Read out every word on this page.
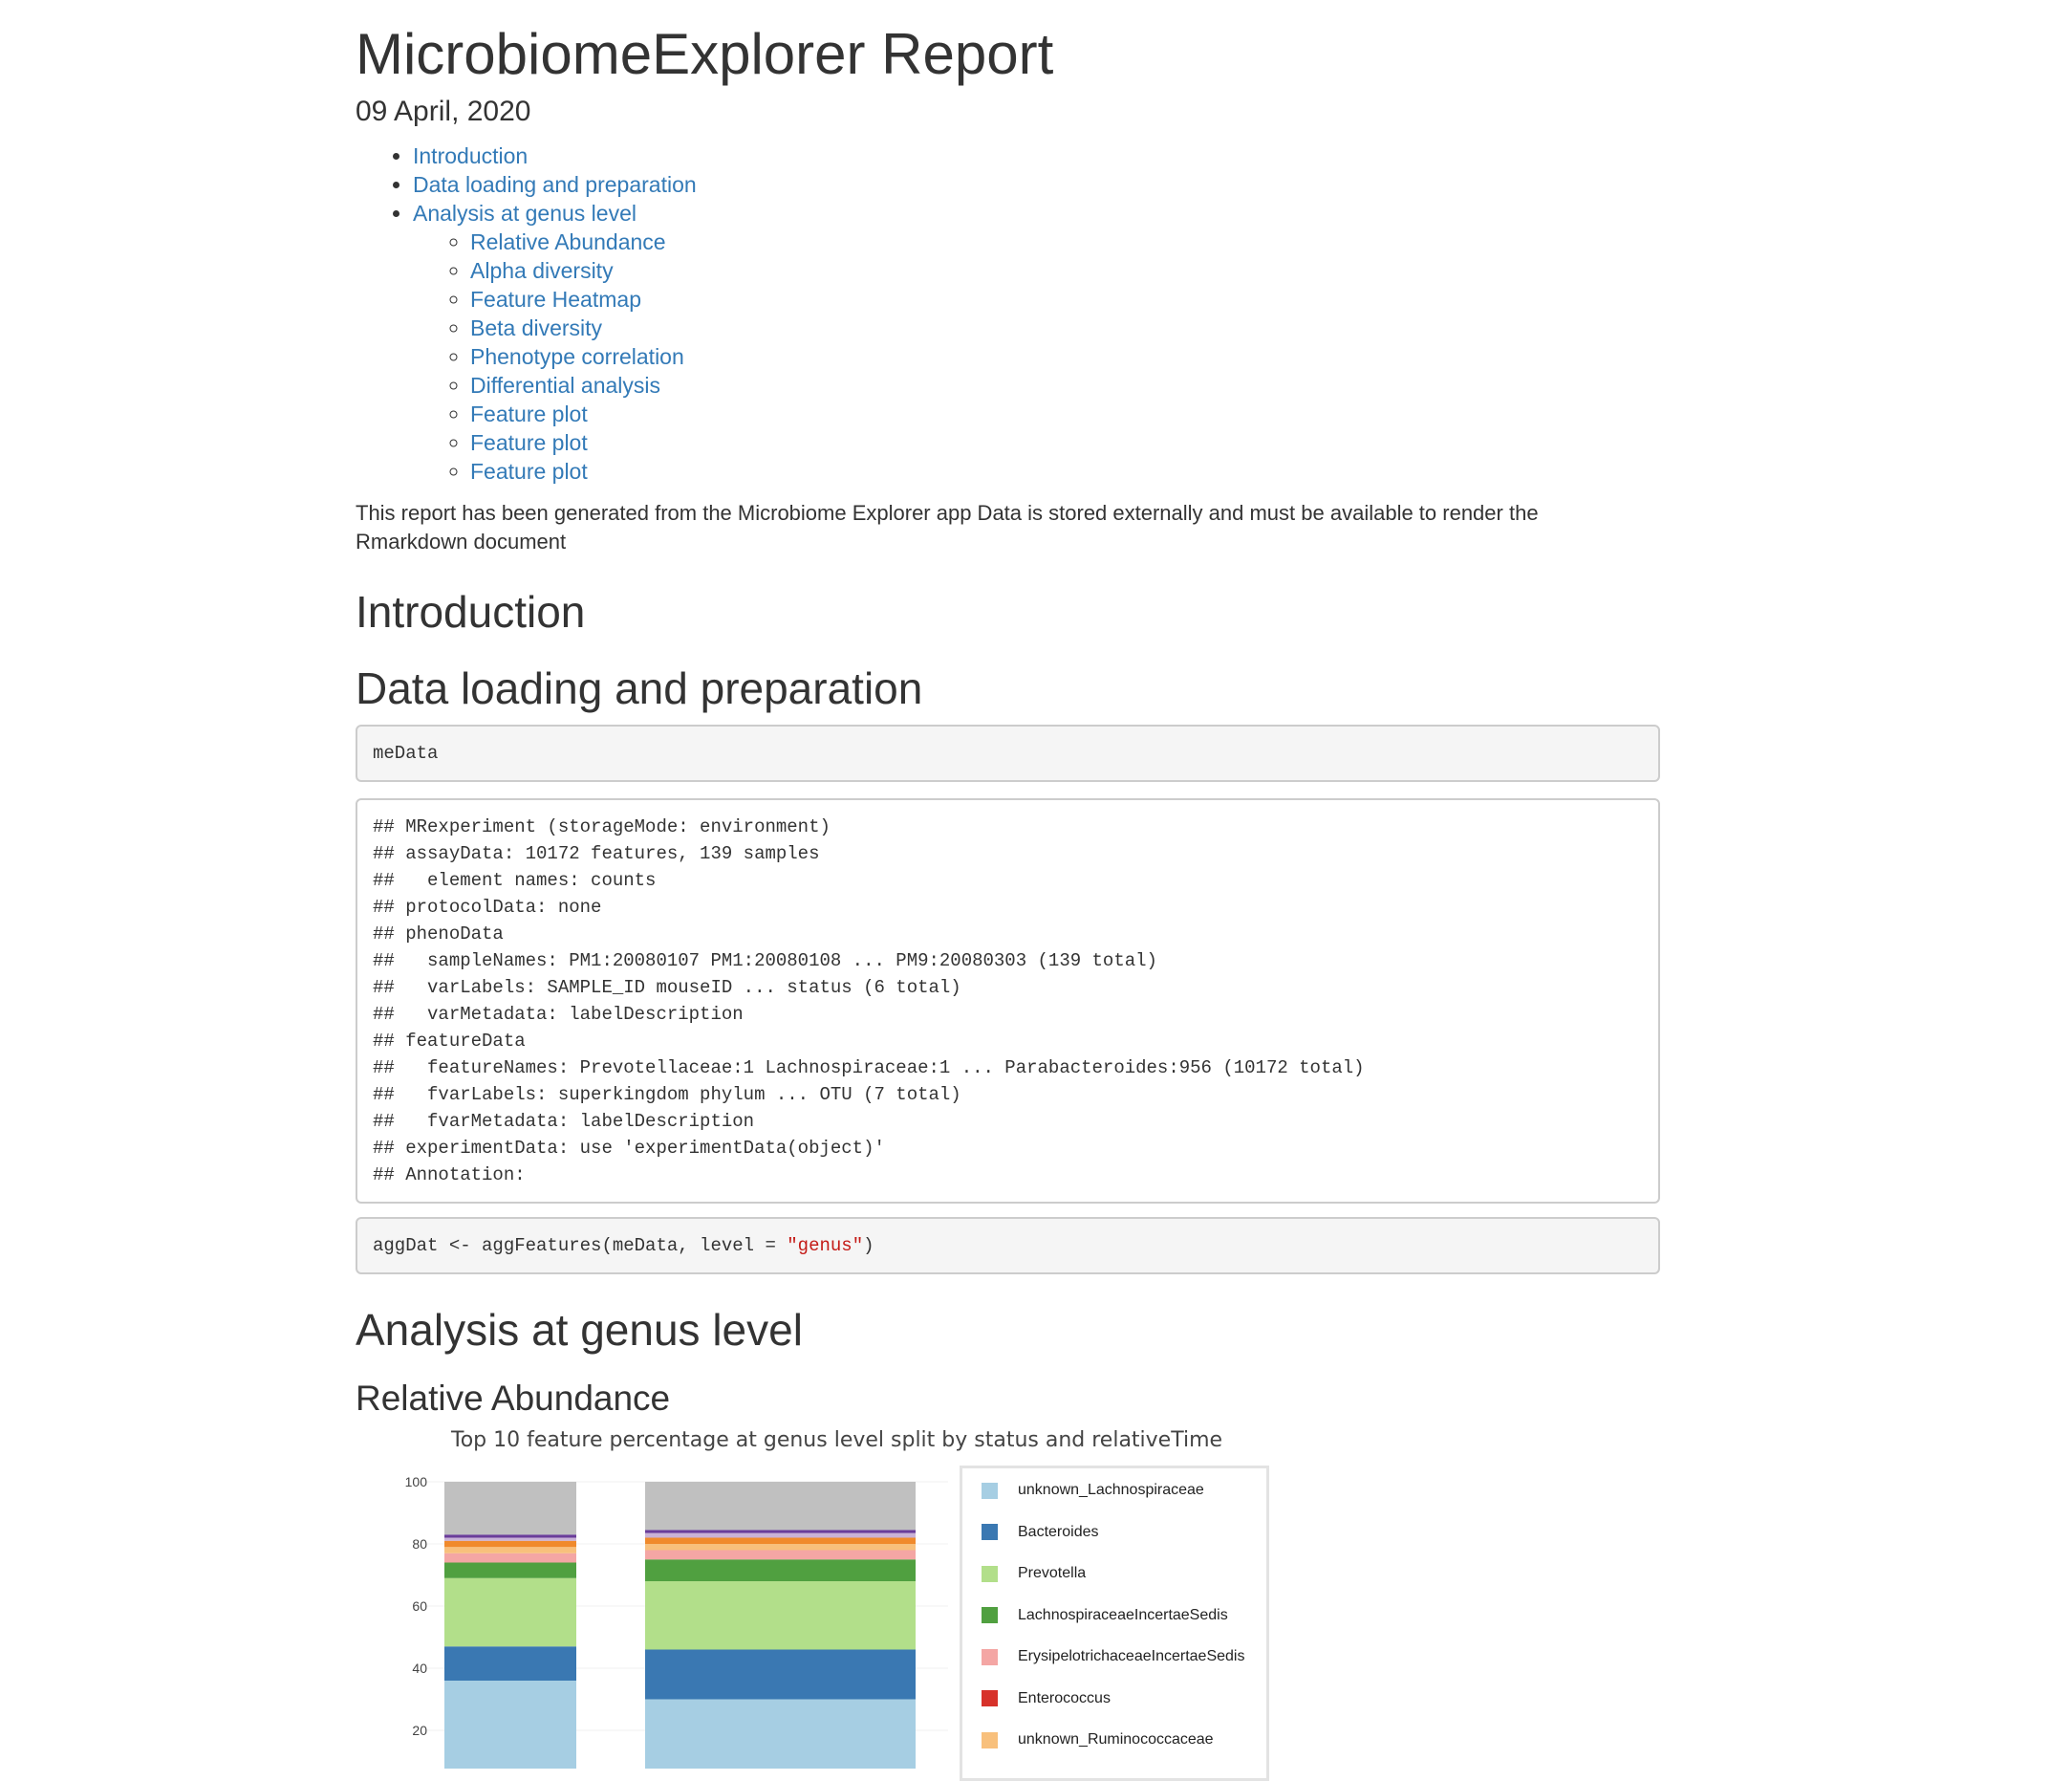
MicrobiomeExplorer Report
09 April, 2020
• Introduction
• Data loading and preparation
• Analysis at genus level
◦ Relative Abundance
◦ Alpha diversity
◦ Feature Heatmap
◦ Beta diversity
◦ Phenotype correlation
◦ Differential analysis
◦ Feature plot
◦ Feature plot
◦ Feature plot

This report has been generated from the Microbiome Explorer app Data is stored externally and must be available to render the Rmarkdown document

Introduction
Data loading and preparation
meData
## MRexperiment (storageMode: environment)
## assayData: 10172 features, 139 samples
##   element names: counts
## protocolData: none
## phenoData
##   sampleNames: PM1:20080107 PM1:20080108 ... PM9:20080303 (139 total)
##   varLabels: SAMPLE_ID mouseID ... status (6 total)
##   varMetadata: labelDescription
## featureData
##   featureNames: Prevotellaceae:1 Lachnospiraceae:1 ... Parabacteroides:956 (10172 total)
##   fvarLabels: superkingdom phylum ... OTU (7 total)
##   fvarMetadata: labelDescription
## experimentData: use 'experimentData(object)'
## Annotation:
aggDat <- aggFeatures(meData, level = "genus")
Analysis at genus level
Relative Abundance
Top 10 feature percentage at genus level split by status and relativeTime
100
80
60
40
20
unknown_Lachnospiraceae
Bacteroides
Prevotella
LachnospiraceaeIncertaeSedis
ErysipelotrichaceaeIncertaeSedis
Enterococcus
unknown_Ruminococcaceae
